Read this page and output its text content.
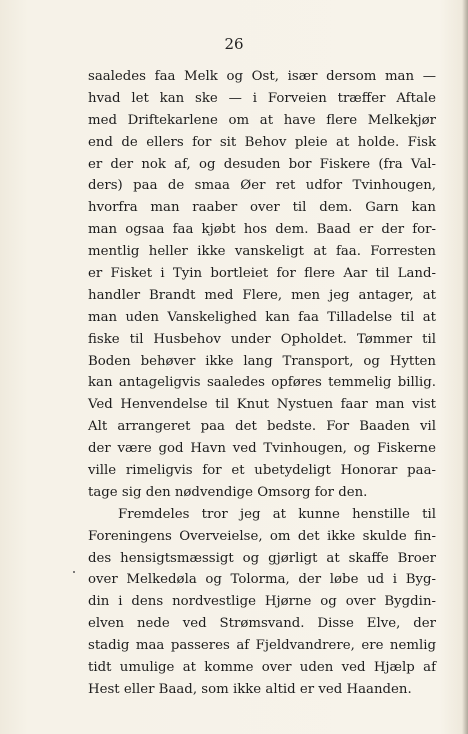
26
saaledes faa Melk og Ost, især dersom man —
hvad let kan ske — i Forveien træffer Aftale
med Driftekarlene om at have flere Melkekjør
end de ellers for sit Behov pleie at holde. Fisk
er der nok af, og desuden bor Fiskere (fra Val-
ders) paa de smaa Øer ret udfor Tvinhougen,
hvorfra man raaber over til dem. Garn kan
man ogsaa faa kjøbt hos dem. Baad er der for-
mentlig heller ikke vanskeligt at faa. Forresten
er Fisket i Tyin bortleiet for flere Aar til Land-
handler Brandt med Flere, men jeg antager, at
man uden Vanskelighed kan faa Tilladelse til at
fiske til Husbehov under Opholdet. Tømmer til
Boden behøver ikke lang Transport, og Hytten
kan antageligvis saaledes opføres temmelig billig.
Ved Henvendelse til Knut Nystuen faar man vist
Alt arrangeret paa det bedste. For Baaden vil
der være god Havn ved Tvinhougen, og Fiskerne
ville rimeligvis for et ubetydeligt Honorar paa-
tage sig den nødvendige Omsorg for den.
Fremdeles tror jeg at kunne henstille til
Foreningens Overveielse, om det ikke skulde fin-
des hensigtsmæssigt og gjørligt at skaffe Broer
over Melkedøla og Tolorma, der løbe ud i Byg-
din i dens nordvestlige Hjørne og over Bygdin-
elven nede ved Strømsvand. Disse Elve, der
stadig maa passeres af Fjeldvandrere, ere nemlig
tidt umulige at komme over uden ved Hjælp af
Hest eller Baad, som ikke altid er ved Haanden.
